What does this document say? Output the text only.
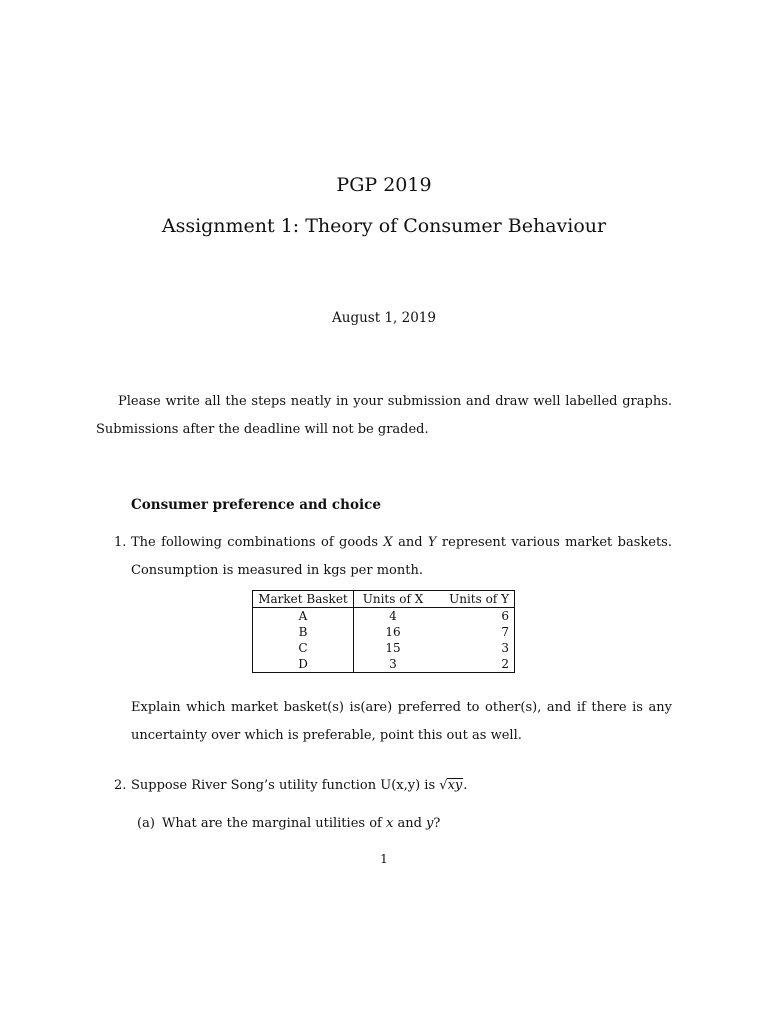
PGP 2019
Assignment 1: Theory of Consumer Behaviour
August 1, 2019
Please write all the steps neatly in your submission and draw well labelled graphs. Submissions after the deadline will not be graded.
Consumer preference and choice
1. The following combinations of goods X and Y represent various market baskets. Consumption is measured in kgs per month.
Market Basket	Units of X	Units of Y
A	4	6
B	16	7
C	15	3
D	3	2
Explain which market basket(s) is(are) preferred to other(s), and if there is any uncertainty over which is preferable, point this out as well.
2. Suppose River Song’s utility function U(x,y) is √xy.
(a) What are the marginal utilities of x and y?
1
